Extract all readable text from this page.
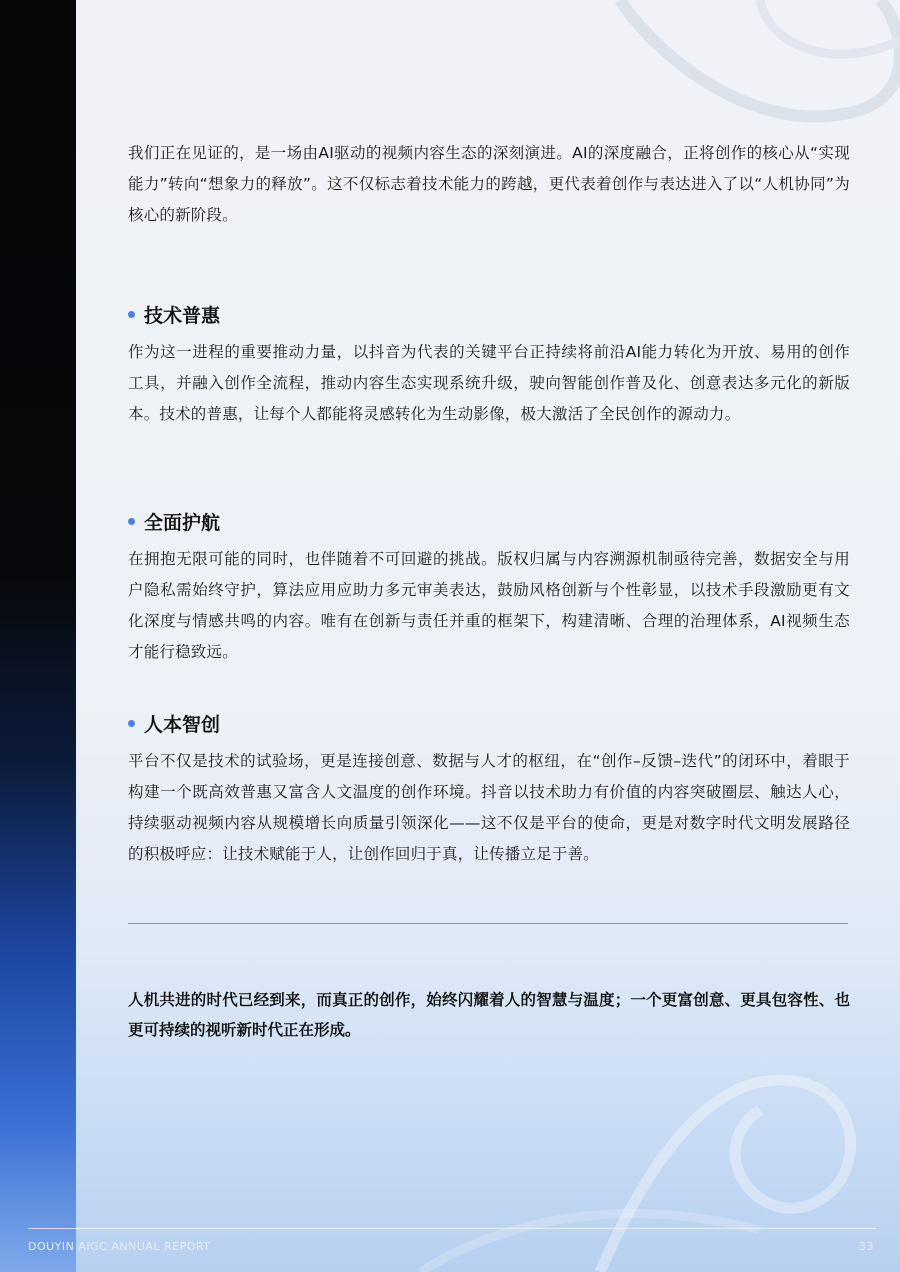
我们正在见证的，是一场由AI驱动的视频内容生态的深刻演进。AI的深度融合，正将创作的核心从“实现能力”转向“想象力的释放”。这不仅标志着技术能力的跨越，更代表着创作与表达进入了以“人机协同”为核心的新阶段。

技术普惠

作为这一进程的重要推动力量，以抖音为代表的关键平台正持续将前沿AI能力转化为开放、易用的创作工具，并融入创作全流程，推动内容生态实现系统升级，驶向智能创作普及化、创意表达多元化的新版本。技术的普惠，让每个人都能将灵感转化为生动影像，极大激活了全民创作的源动力。

全面护航

在拥抱无限可能的同时，也伴随着不可回避的挑战。版权归属与内容溯源机制亟待完善，数据安全与用户隐私需始终守护，算法应用应助力多元审美表达，鼓励风格创新与个性彰显，以技术手段激励更有文化深度与情感共鸣的内容。唯有在创新与责任并重的框架下，构建清晰、合理的治理体系，AI视频生态才能行稳致远。

人本智创

平台不仅是技术的试验场，更是连接创意、数据与人才的枢纽，在“创作–反馈–迭代”的闭环中，着眼于构建一个既高效普惠又富含人文温度的创作环境。抖音以技术助力有价值的内容突破圈层、触达人心，持续驱动视频内容从规模增长向质量引领深化——这不仅是平台的使命，更是对数字时代文明发展路径的积极呼应：让技术赋能于人，让创作回归于真，让传播立足于善。

人机共进的时代已经到来，而真正的创作，始终闪耀着人的智慧与温度；一个更富创意、更具包容性、也更可持续的视听新时代正在形成。

DOUYIN AIGC ANNUAL REPORT	33
